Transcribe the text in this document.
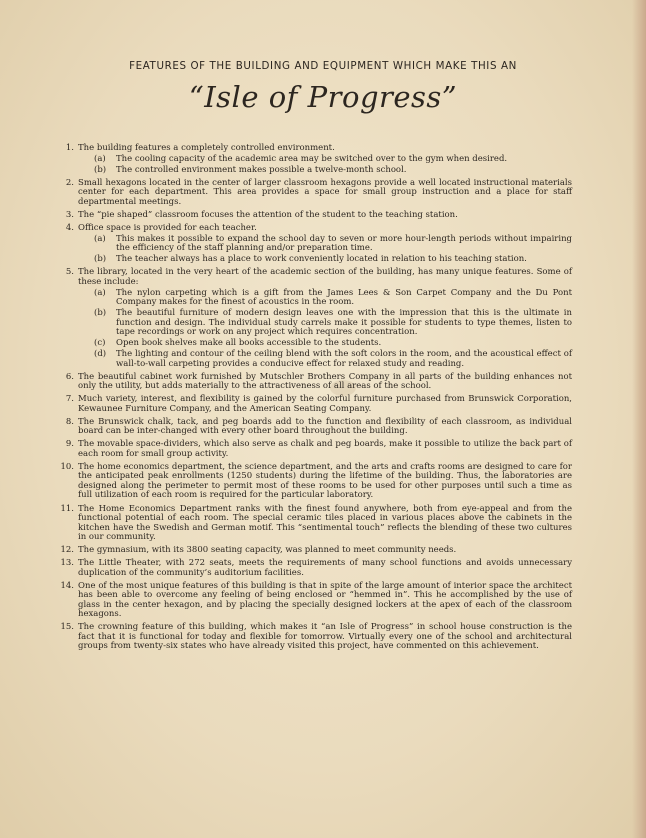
FEATURES OF THE BUILDING AND EQUIPMENT WHICH MAKE THIS AN
“Isle of Progress”
1. The building features a completely controlled environment.
(a) The cooling capacity of the academic area may be switched over to the gym when desired.
(b) The controlled environment makes possible a twelve-month school.
2. Small hexagons located in the center of larger classroom hexagons provide a well located instructional materials center for each department. This area provides a space for small group instruction and a place for staff departmental meetings.
3. The “pie shaped” classroom focuses the attention of the student to the teaching station.
4. Office space is provided for each teacher.
(a) This makes it possible to expand the school day to seven or more hour-length periods without impairing the efficiency of the staff planning and/or preparation time.
(b) The teacher always has a place to work conveniently located in relation to his teaching station.
5. The library, located in the very heart of the academic section of the building, has many unique features. Some of these include:
(a) The nylon carpeting which is a gift from the James Lees & Son Carpet Company and the Du Pont Company makes for the finest of acoustics in the room.
(b) The beautiful furniture of modern design leaves one with the impression that this is the ultimate in function and design. The individual study carrels make it possible for students to type themes, listen to tape recordings or work on any project which requires concentration.
(c) Open book shelves make all books accessible to the students.
(d) The lighting and contour of the ceiling blend with the soft colors in the room, and the acoustical effect of wall-to-wall carpeting provides a conducive effect for relaxed study and reading.
6. The beautiful cabinet work furnished by Mutschler Brothers Company in all parts of the building enhances not only the utility, but adds materially to the attractiveness of all areas of the school.
7. Much variety, interest, and flexibility is gained by the colorful furniture purchased from Brunswick Corporation, Kewaunee Furniture Company, and the American Seating Company.
8. The Brunswick chalk, tack, and peg boards add to the function and flexibility of each classroom, as individual board can be inter-changed with every other board throughout the building.
9. The movable space-dividers, which also serve as chalk and peg boards, make it possible to utilize the back part of each room for small group activity.
10. The home economics department, the science department, and the arts and crafts rooms are designed to care for the anticipated peak enrollments (1250 students) during the lifetime of the building. Thus, the laboratories are designed along the perimeter to permit most of these rooms to be used for other purposes until such a time as full utilization of each room is required for the particular laboratory.
11. The Home Economics Department ranks with the finest found anywhere, both from eye-appeal and from the functional potential of each room. The special ceramic tiles placed in various places above the cabinets in the kitchen have the Swedish and German motif. This “sentimental touch” reflects the blending of these two cultures in our community.
12. The gymnasium, with its 3800 seating capacity, was planned to meet community needs.
13. The Little Theater, with 272 seats, meets the requirements of many school functions and avoids unnecessary duplication of the community’s auditorium facilities.
14. One of the most unique features of this building is that in spite of the large amount of interior space the architect has been able to overcome any feeling of being enclosed or “hemmed in”. This he accomplished by the use of glass in the center hexagon, and by placing the specially designed lockers at the apex of each of the classroom hexagons.
15. The crowning feature of this building, which makes it “an Isle of Progress” in school house construction is the fact that it is functional for today and flexible for tomorrow. Virtually every one of the school and architectural groups from twenty-six states who have already visited this project, have commented on this achievement.
